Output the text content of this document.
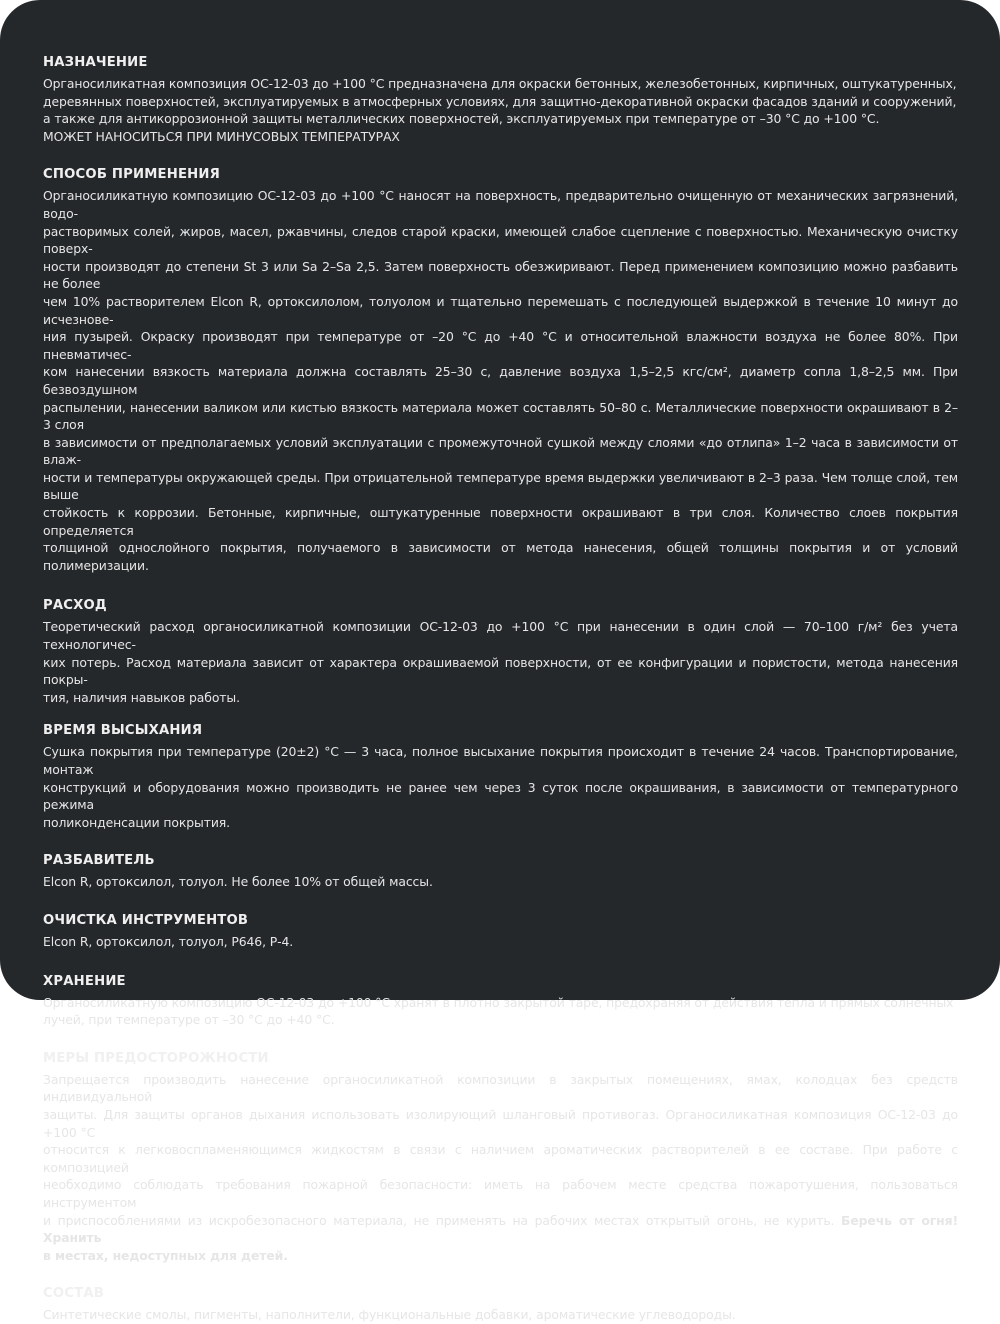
НАЗНАЧЕНИЕ

Органосиликатная композиция ОС-12-03 до +100 °С предназначена для окраски бетонных, железобетонных, кирпичных, оштукатуренных,
деревянных поверхностей, эксплуатируемых в атмосферных условиях, для защитно-декоративной окраски фасадов зданий и сооружений,
а также для антикоррозионной защиты металлических поверхностей, эксплуатируемых при температуре от –30 °С до +100 °С.
МОЖЕТ НАНОСИТЬСЯ ПРИ МИНУСОВЫХ ТЕМПЕРАТУРАХ

СПОСОБ ПРИМЕНЕНИЯ

Органосиликатную композицию ОС-12-03 до +100 °С наносят на поверхность, предварительно очищенную от механических загрязнений, водо-
растворимых солей, жиров, масел, ржавчины, следов старой краски, имеющей слабое сцепление с поверхностью. Механическую очистку поверх-
ности производят до степени St 3 или Sa 2–Sa 2,5. Затем поверхность обезжиривают. Перед применением композицию можно разбавить не более
чем 10% растворителем Elcon R, ортоксилолом, толуолом и тщательно перемешать с последующей выдержкой в течение 10 минут до исчезнове-
ния пузырей. Окраску производят при температуре от –20 °С до +40 °С и относительной влажности воздуха не более 80%. При пневматичес-
ком нанесении вязкость материала должна составлять 25–30 с, давление воздуха 1,5–2,5 кгс/см², диаметр сопла 1,8–2,5 мм. При безвоздушном
распылении, нанесении валиком или кистью вязкость материала может составлять 50–80 с. Металлические поверхности окрашивают в 2–3 слоя
в зависимости от предполагаемых условий эксплуатации с промежуточной сушкой между слоями «до отлипа» 1–2 часа в зависимости от влаж-
ности и температуры окружающей среды. При отрицательной температуре время выдержки увеличивают в 2–3 раза. Чем толще слой, тем выше
стойкость к коррозии. Бетонные, кирпичные, оштукатуренные поверхности окрашивают в три слоя. Количество слоев покрытия определяется
толщиной однослойного покрытия, получаемого в зависимости от метода нанесения, общей толщины покрытия и от условий полимеризации.

РАСХОД

Теоретический расход органосиликатной композиции ОС-12-03 до +100 °С при нанесении в один слой — 70–100 г/м² без учета технологичес-
ких потерь. Расход материала зависит от характера окрашиваемой поверхности, от ее конфигурации и пористости, метода нанесения покры-
тия, наличия навыков работы.

ВРЕМЯ ВЫСЫХАНИЯ

Сушка покрытия при температуре (20±2) °С — 3 часа, полное высыхание покрытия происходит в течение 24 часов. Транспортирование, монтаж
конструкций и оборудования можно производить не ранее чем через 3 суток после окрашивания, в зависимости от температурного режима
поликонденсации покрытия.

РАЗБАВИТЕЛЬ

Elcon R, ортоксилол, толуол. Не более 10% от общей массы.

ОЧИСТКА ИНСТРУМЕНТОВ

Elcon R, ортоксилол, толуол, Р646, Р-4.

ХРАНЕНИЕ

Органосиликатную композицию ОС-12-03 до +100 °С хранят в плотно закрытой таре, предохраняя от действия тепла и прямых солнечных
лучей, при температуре от –30 °С до +40 °С.

МЕРЫ ПРЕДОСТОРОЖНОСТИ

Запрещается производить нанесение органосиликатной композиции в закрытых помещениях, ямах, колодцах без средств индивидуальной
защиты. Для защиты органов дыхания использовать изолирующий шланговый противогаз. Органосиликатная композиция ОС-12-03 до +100 °С
относится к легковоспламеняющимся жидкостям в связи с наличием ароматических растворителей в ее составе. При работе с композицией
необходимо соблюдать требования пожарной безопасности: иметь на рабочем месте средства пожаротушения, пользоваться инструментом
и приспособлениями из искробезопасного материала, не применять на рабочих местах открытый огонь, не курить. Беречь от огня! Хранить
в местах, недоступных для детей.

СОСТАВ

Синтетические смолы, пигменты, наполнители, функциональные добавки, ароматические углеводороды.
